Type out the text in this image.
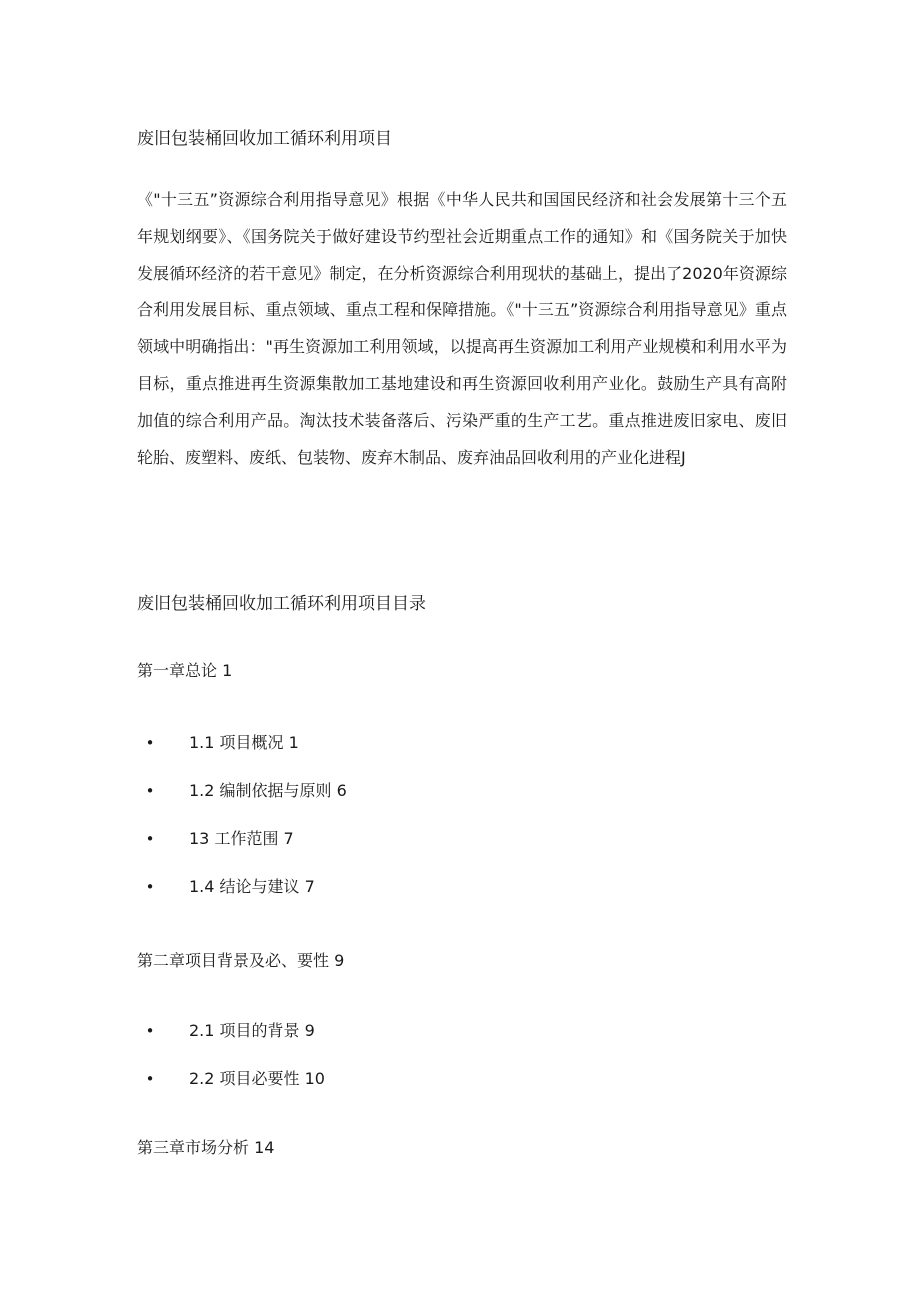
废旧包装桶回收加工循环利用项目
《"十三五”资源综合利用指导意见》根据《中华人民共和国国民经济和社会发展第十三个五年规划纲要》、《国务院关于做好建设节约型社会近期重点工作的通知》和《国务院关于加快发展循环经济的若干意见》制定，在分析资源综合利用现状的基础上，提出了2020年资源综合利用发展目标、重点领域、重点工程和保障措施。《"十三五”资源综合利用指导意见》重点领域中明确指出："再生资源加工利用领域，以提高再生资源加工利用产业规模和利用水平为目标，重点推进再生资源集散加工基地建设和再生资源回收利用产业化。鼓励生产具有高附加值的综合利用产品。淘汰技术装备落后、污染严重的生产工艺。重点推进废旧家电、废旧轮胎、废塑料、废纸、包装物、废弃木制品、废弃油品回收利用的产业化进程J
废旧包装桶回收加工循环利用项目目录
第一章总论 1
• 1.1 项目概况 1
• 1.2 编制依据与原则 6
• 13 工作范围 7
• 1.4 结论与建议 7
第二章项目背景及必、要性 9
• 2.1 项目的背景 9
• 2.2 项目必要性 10
第三章市场分析 14
